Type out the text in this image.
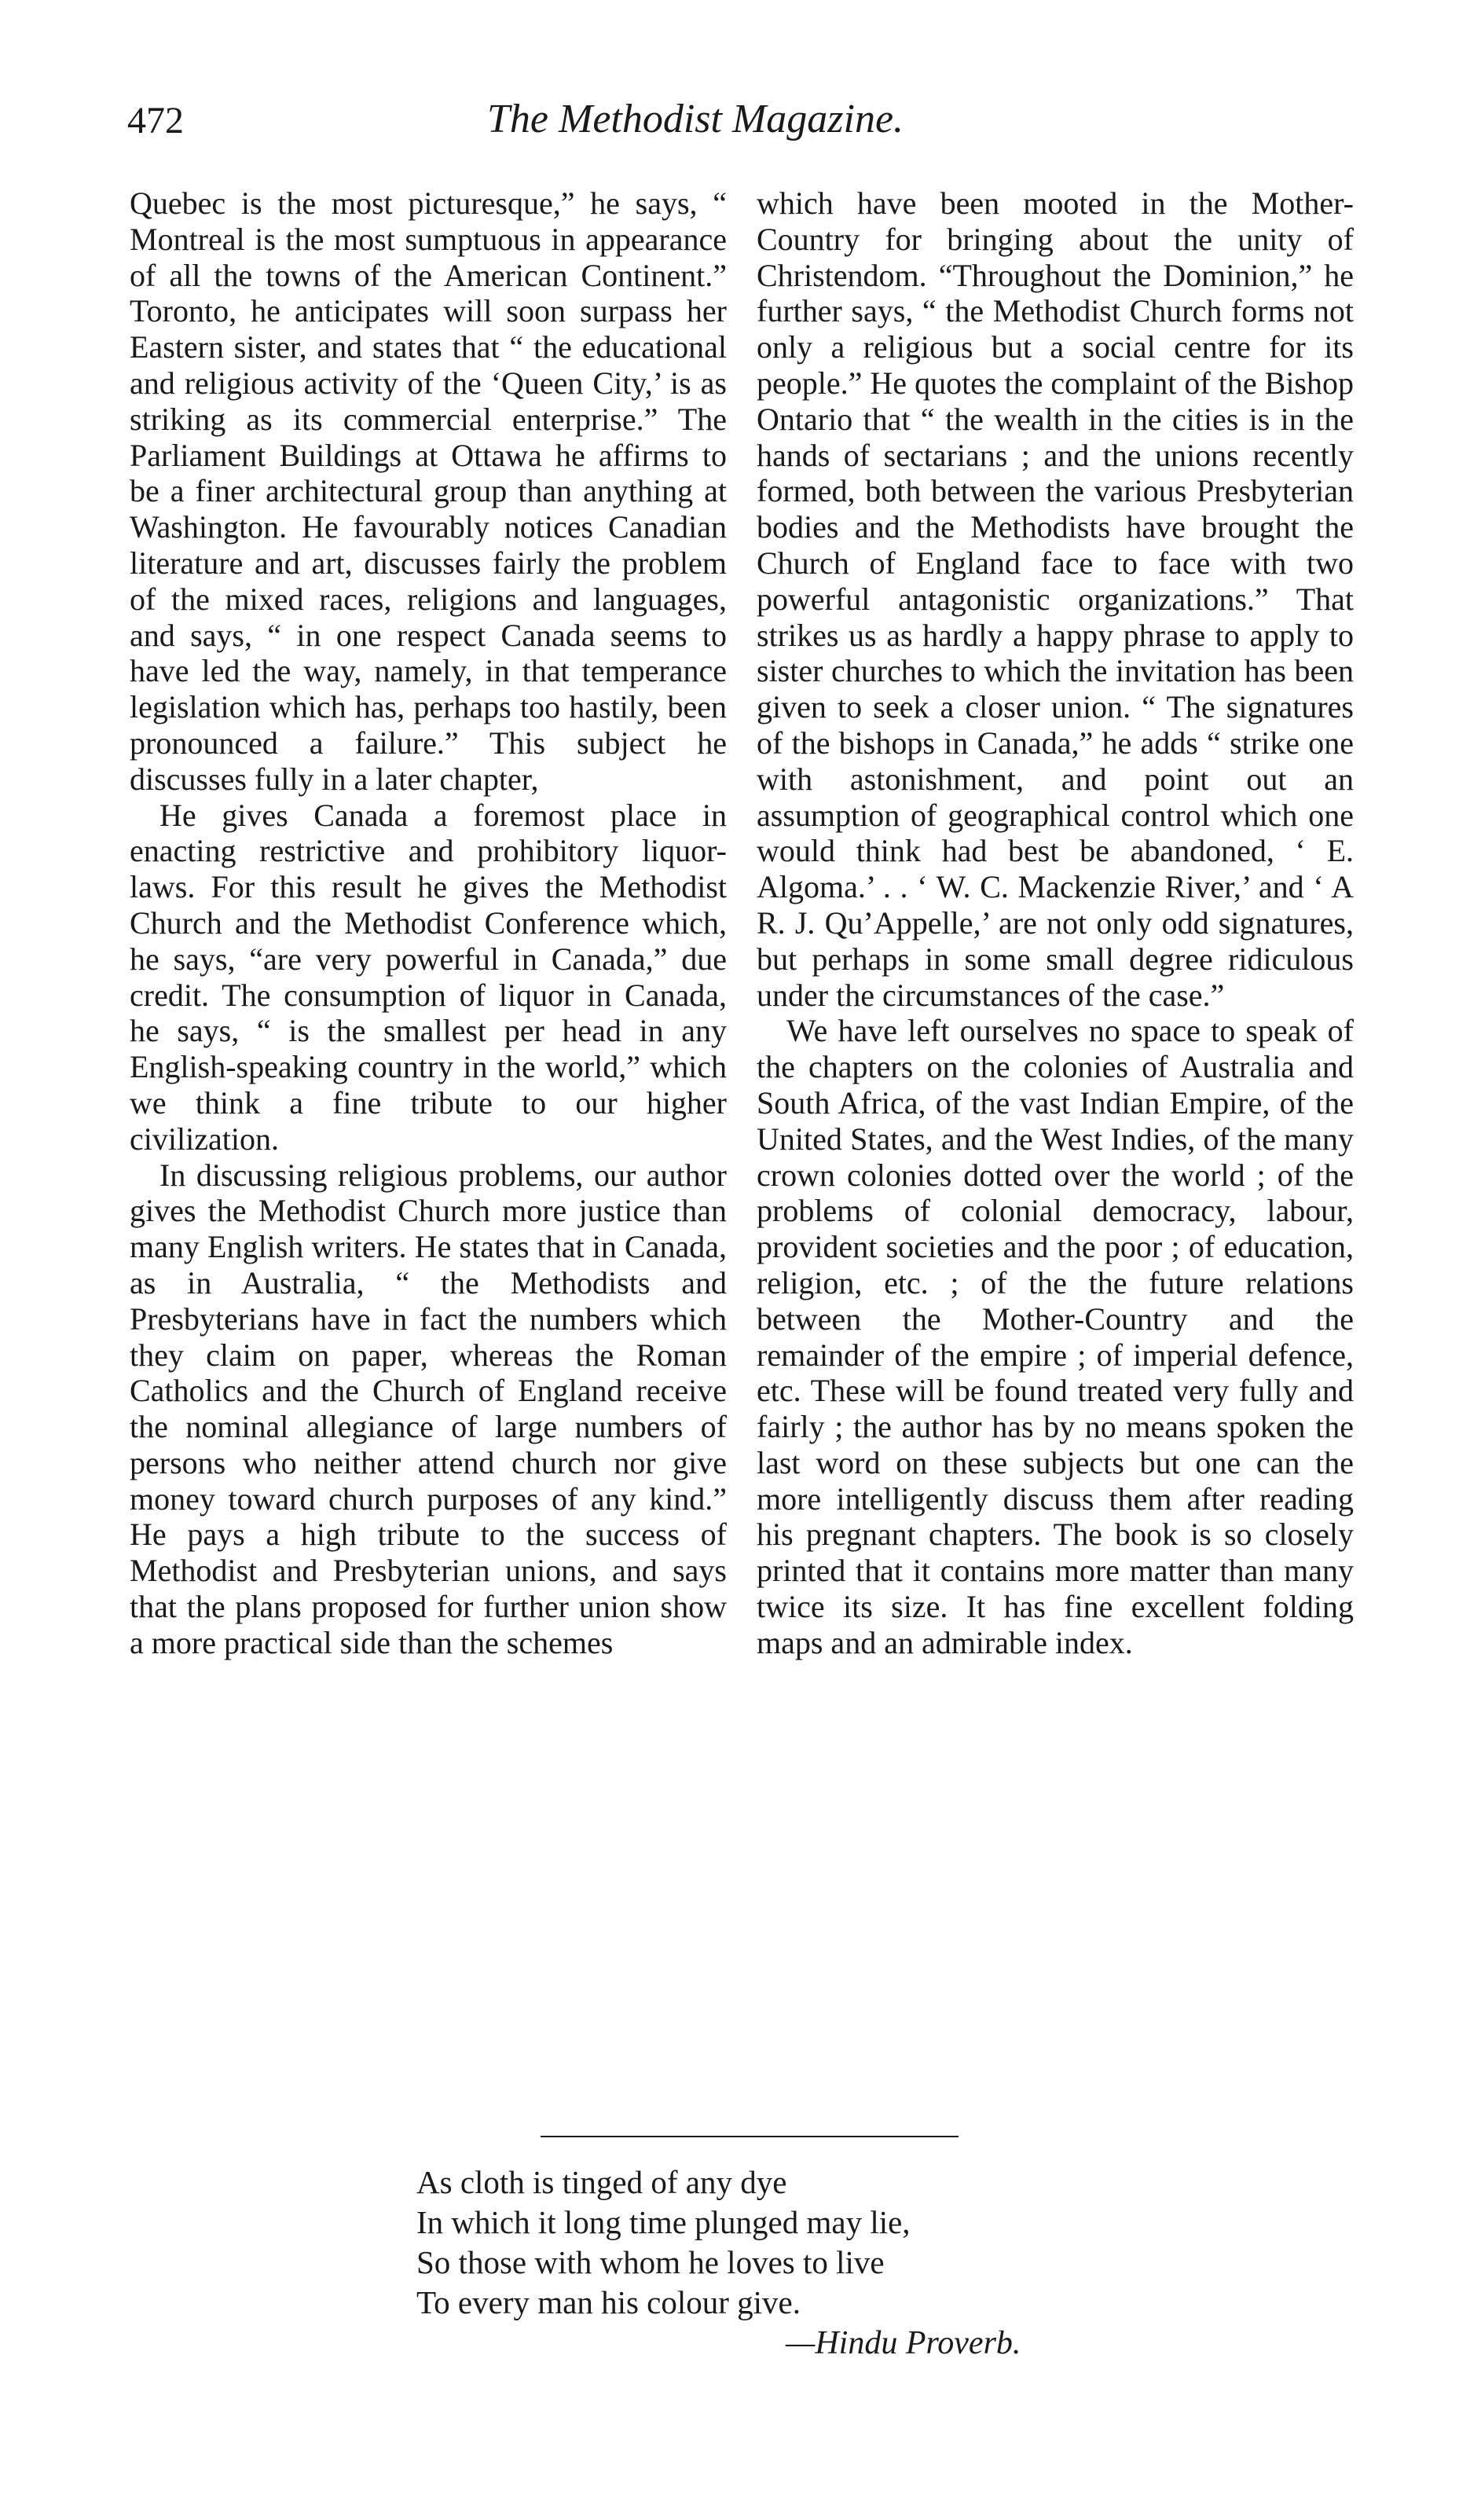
472	The Methodist Magazine.

Quebec is the most picturesque,” he says, “ Montreal is the most sumptuous in appearance of all the towns of the American Continent.” Toronto, he anticipates will soon surpass her Eastern sister, and states that “ the educational and religious activity of the ‘Queen City,’ is as striking as its commercial enterprise.” The Parliament Buildings at Ottawa he affirms to be a finer architectural group than anything at Washington. He favourably notices Canadian literature and art, discusses fairly the problem of the mixed races, religions and languages, and says, “ in one respect Canada seems to have led the way, namely, in that temperance legislation which has, perhaps too hastily, been pronounced a failure.” This subject he discusses fully in a later chapter,

He gives Canada a foremost place in enacting restrictive and prohibitory liquor-laws. For this result he gives the Methodist Church and the Methodist Conference which, he says, “are very powerful in Canada,” due credit. The consumption of liquor in Canada, he says, “ is the smallest per head in any English-speaking country in the world,” which we think a fine tribute to our higher civilization.

In discussing religious problems, our author gives the Methodist Church more justice than many English writers. He states that in Canada, as in Australia, “ the Methodists and Presbyterians have in fact the numbers which they claim on paper, whereas the Roman Catholics and the Church of England receive the nominal allegiance of large numbers of persons who neither attend church nor give money toward church purposes of any kind.” He pays a high tribute to the success of Methodist and Presbyterian unions, and says that the plans proposed for further union show a more practical side than the schemes

which have been mooted in the Mother-Country for bringing about the unity of Christendom. “Throughout the Dominion,” he further says, “ the Methodist Church forms not only a religious but a social centre for its people.” He quotes the complaint of the Bishop Ontario that “ the wealth in the cities is in the hands of sectarians ; and the unions recently formed, both between the various Presbyterian bodies and the Methodists have brought the Church of England face to face with two powerful antagonistic organizations.” That strikes us as hardly a happy phrase to apply to sister churches to which the invitation has been given to seek a closer union. “ The signatures of the bishops in Canada,” he adds “ strike one with astonishment, and point out an assumption of geographical control which one would think had best be abandoned, ‘ E. Algoma.’ . . ‘ W. C. Mackenzie River,’ and ‘ A R. J. Qu’Appelle,’ are not only odd signatures, but perhaps in some small degree ridiculous under the circumstances of the case.”

We have left ourselves no space to speak of the chapters on the colonies of Australia and South Africa, of the vast Indian Empire, of the United States, and the West Indies, of the many crown colonies dotted over the world ; of the problems of colonial democracy, labour, provident societies and the poor ; of education, religion, etc. ; of the the future relations between the Mother-Country and the remainder of the empire ; of imperial defence, etc. These will be found treated very fully and fairly ; the author has by no means spoken the last word on these subjects but one can the more intelligently discuss them after reading his pregnant chapters. The book is so closely printed that it contains more matter than many twice its size. It has fine excellent folding maps and an admirable index.

As cloth is tinged of any dye
In which it long time plunged may lie,
So those with whom he loves to live
To every man his colour give.
—Hindu Proverb.
